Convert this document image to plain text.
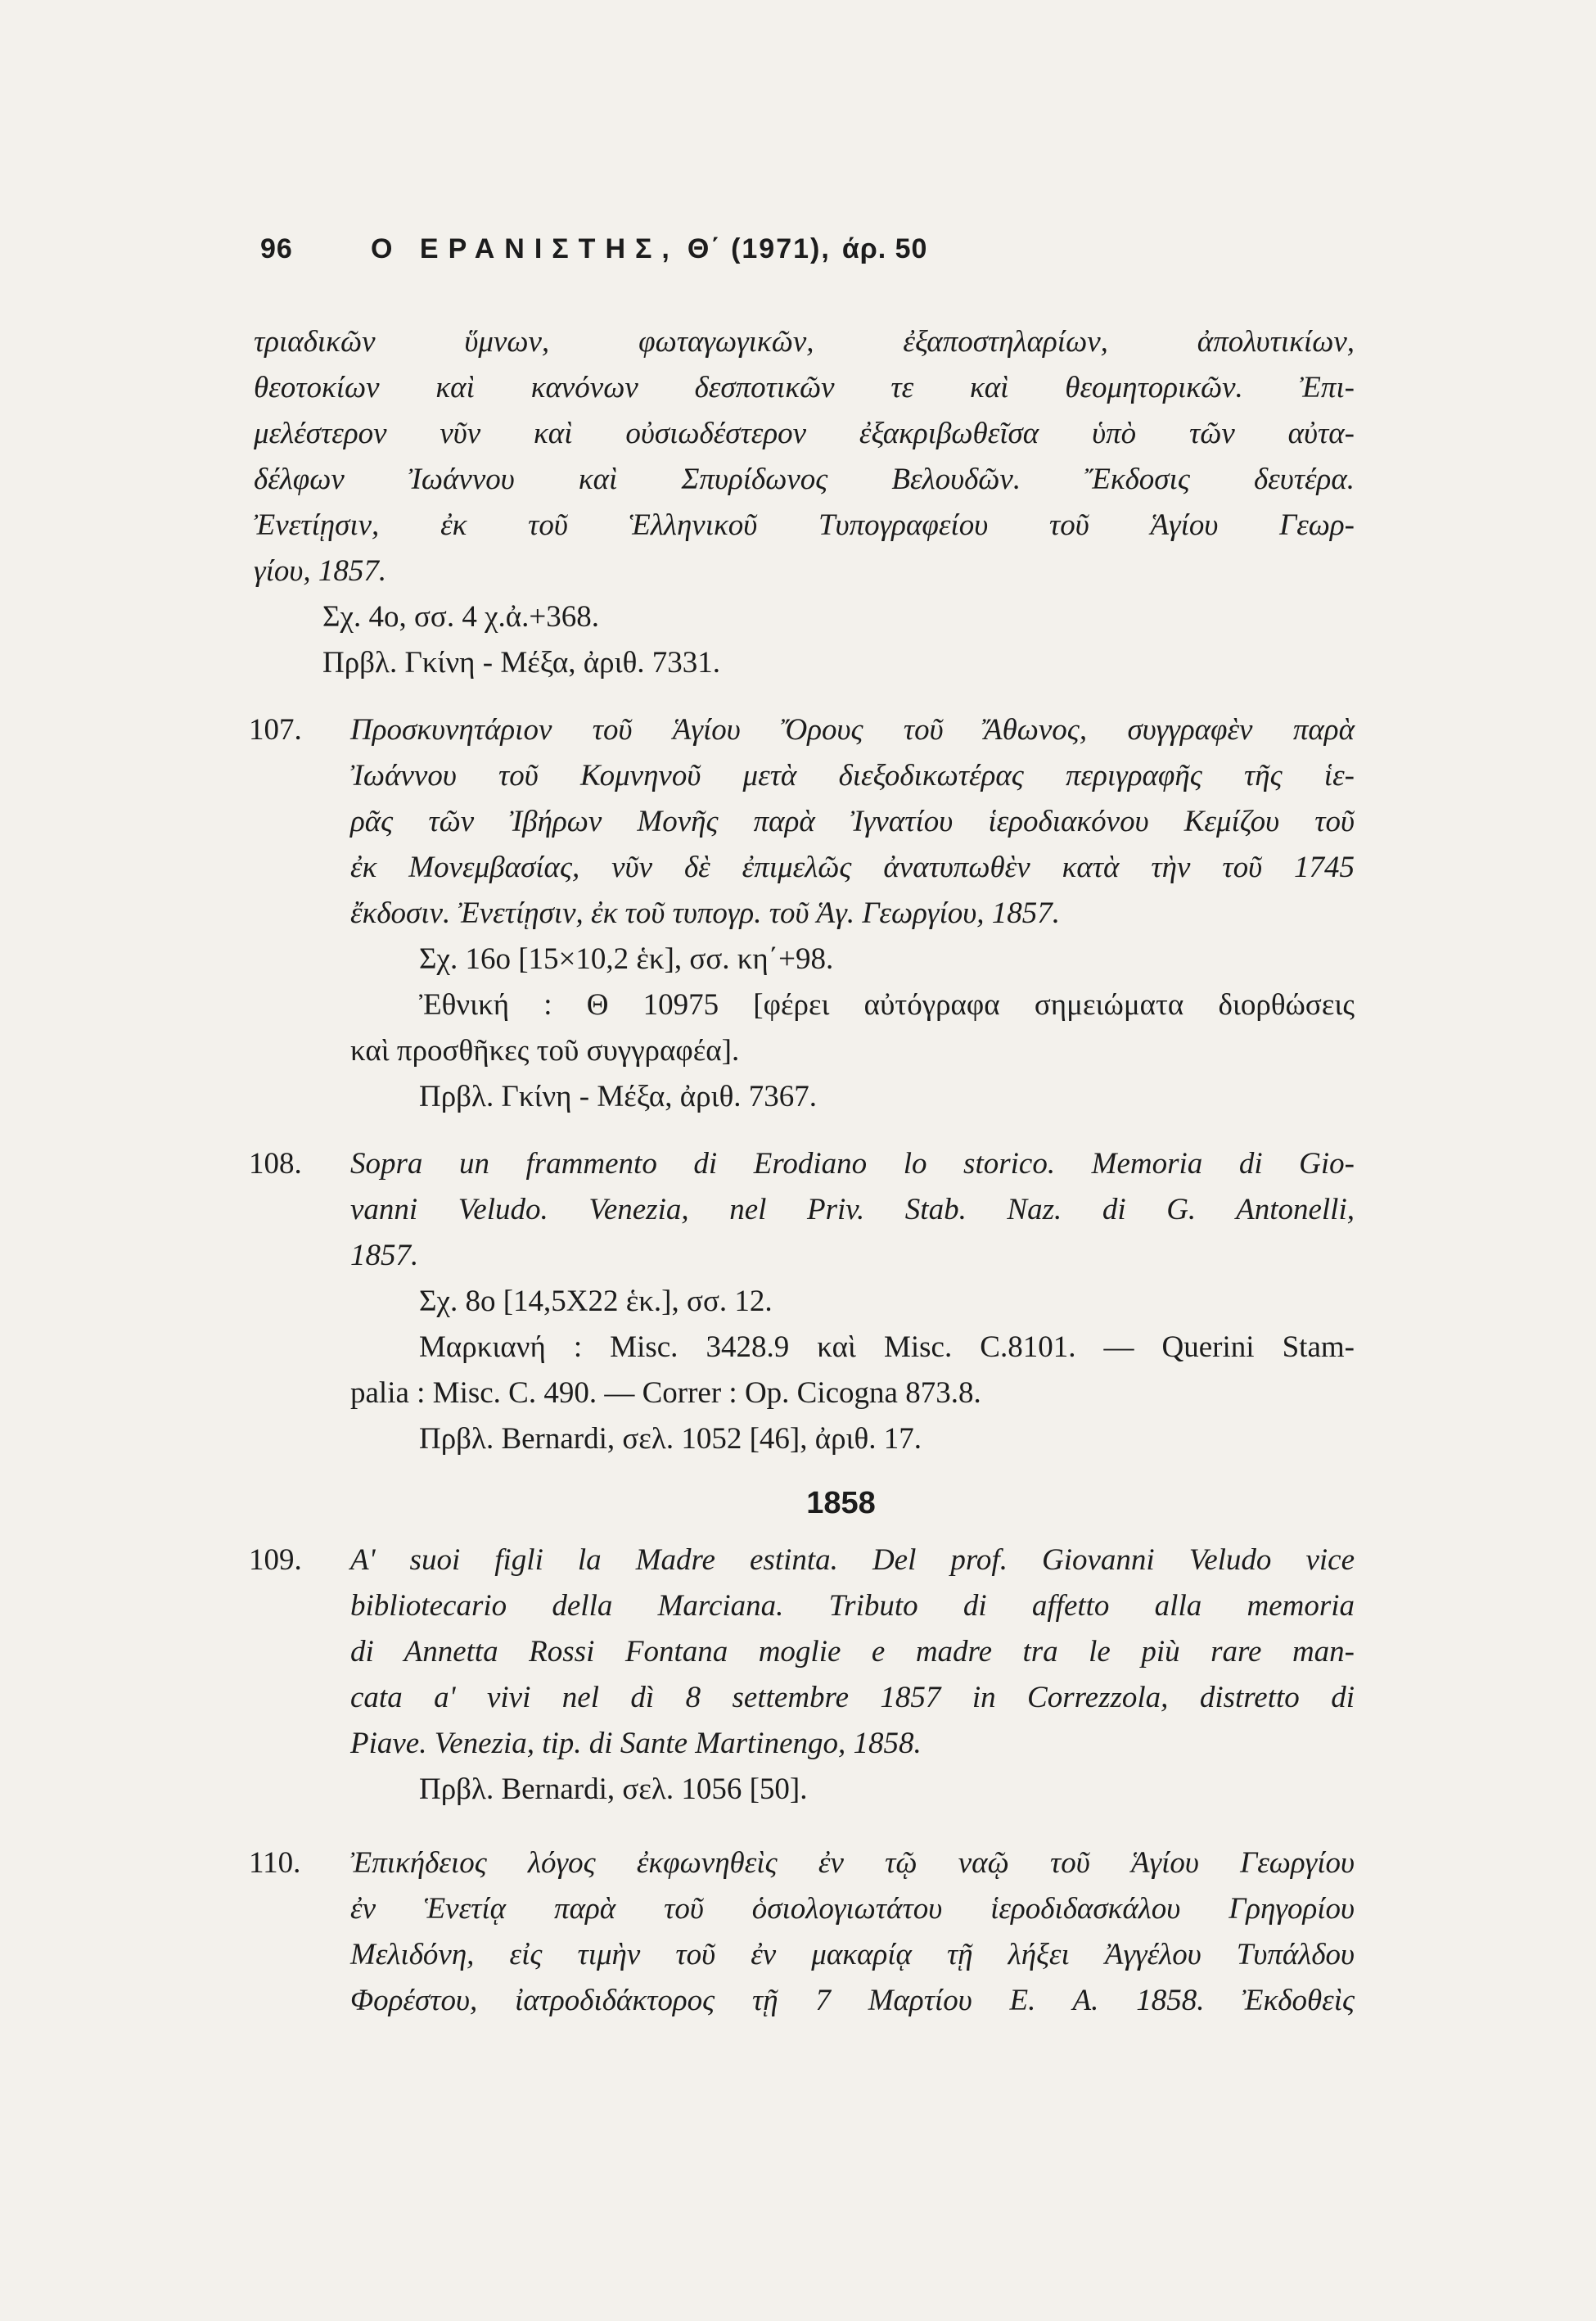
96	Ο ΕΡΑΝΙΣΤΗΣ, Θ΄ (1971), άρ. 50
τριαδικῶν ὕμνων, φωταγωγικῶν, ἐξαποστηλαρίων, ἀπολυτικίων,
θεοτοκίων καὶ κανόνων δεσποτικῶν τε καὶ θεομητορικῶν. Ἐπι-
μελέστερον νῦν καὶ οὐσιωδέστερον ἐξακριβωθεῖσα ὑπὸ τῶν αὐτα-
δέλφων Ἰωάννου καὶ Σπυρίδωνος Βελουδῶν. Ἔκδοσις δευτέρα.
Ἐνετίῃσιν, ἐκ τοῦ Ἑλληνικοῦ Τυπογραφείου τοῦ Ἁγίου Γεωρ-
γίου, 1857.
Σχ. 4ο, σσ. 4 χ.ἀ.+368.
Πρβλ. Γκίνη - Μέξα, ἀριθ. 7331.
107. Προσκυνητάριον τοῦ Ἁγίου Ὄρους τοῦ Ἄθωνος, συγγραφὲν παρὰ
Ἰωάννου τοῦ Κομνηνοῦ μετὰ διεξοδικωτέρας περιγραφῆς τῆς ἱε-
ρᾶς τῶν Ἰβήρων Μονῆς παρὰ Ἰγνατίου ἱεροδιακόνου Κεμίζου τοῦ
ἐκ Μονεμβασίας, νῦν δὲ ἐπιμελῶς ἀνατυπωθὲν κατὰ τὴν τοῦ 1745
ἔκδοσιν. Ἐνετίῃσιν, ἐκ τοῦ τυπογρ. τοῦ Ἁγ. Γεωργίου, 1857.
Σχ. 16ο [15×10,2 ἑκ], σσ. κη΄+98.
Ἐθνική : Θ 10975 [φέρει αὐτόγραφα σημειώματα διορθώσεις
καὶ προσθῆκες τοῦ συγγραφέα].
Πρβλ. Γκίνη - Μέξα, ἀριθ. 7367.
108. Sopra un frammento di Erodiano lo storico. Memoria di Gio-
vanni Veludo. Venezia, nel Priv. Stab. Naz. di G. Antonelli,
1857.
Σχ. 8ο [14,5Χ22 ἑκ.], σσ. 12.
Μαρκιανή : Misc. 3428.9 καὶ Misc. C.8101. — Querini Stam-
palia : Misc. C. 490. — Correr : Op. Cicogna 873.8.
Πρβλ. Bernardi, σελ. 1052 [46], ἀριθ. 17.
1858
109. A' suoi figli la Madre estinta. Del prof. Giovanni Veludo vice
bibliotecario della Marciana. Tributo di affetto alla memoria
di Annetta Rossi Fontana moglie e madre tra le più rare man-
cata a' vivi nel dì 8 settembre 1857 in Correzzola, distretto di
Piave. Venezia, tip. di Sante Martinengo, 1858.
Πρβλ. Bernardi, σελ. 1056 [50].
110. Ἐπικήδειος λόγος ἐκφωνηθεὶς ἐν τῷ ναῷ τοῦ Ἁγίου Γεωργίου
ἐν Ἑνετίᾳ παρὰ τοῦ ὁσιολογιωτάτου ἱεροδιδασκάλου Γρηγορίου
Μελιδόνη, εἰς τιμὴν τοῦ ἐν μακαρίᾳ τῇ λήξει Ἀγγέλου Τυπάλδου
Φορέστου, ἰατροδιδάκτορος τῇ 7 Μαρτίου Ε. Α. 1858. Ἐκδοθεὶς
